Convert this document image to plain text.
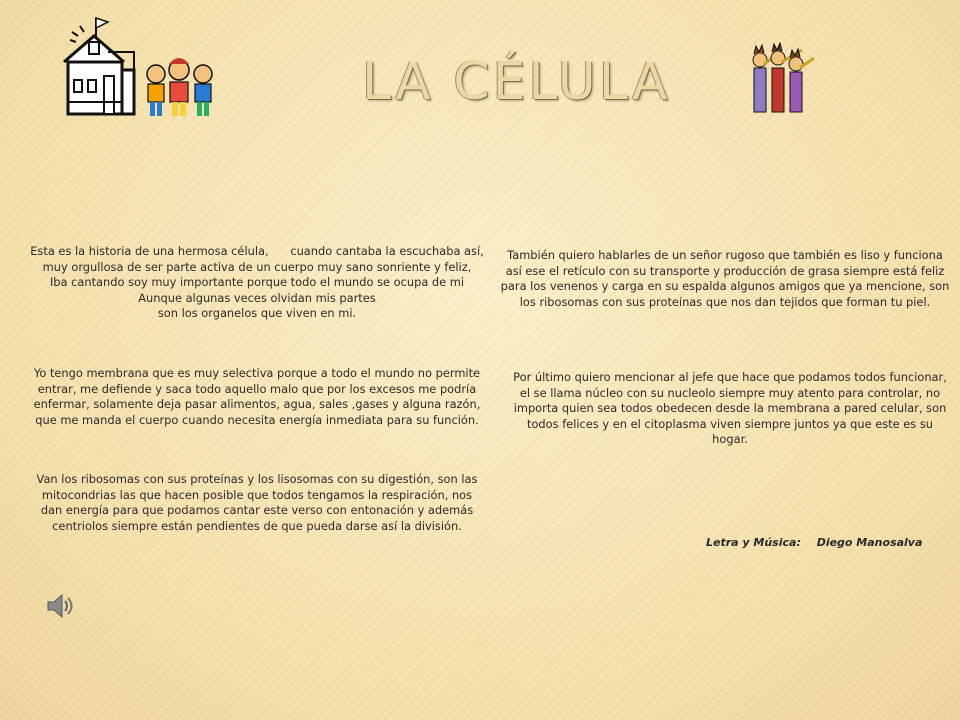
LA CÉLULA

Esta es la historia de una hermosa célula,      cuando cantaba la escuchaba así,

muy orgullosa de ser parte activa de un cuerpo muy sano sonriente y feliz,

Iba cantando soy muy importante porque todo el mundo se ocupa de mi

Aunque algunas veces olvidan mis partes

son los organelos que viven en mi.

Yo tengo membrana que es muy selectiva porque a todo el mundo no permite

entrar, me defiende y saca todo aquello malo que por los excesos me podría

enfermar, solamente deja pasar alimentos, agua, sales ,gases y alguna razón,

que me manda el cuerpo cuando necesita energía inmediata para su función.

Van los ribosomas con sus proteínas y los lisosomas con su digestión, son las

mitocondrias las que hacen posible que todos tengamos la respiración, nos

dan energía para que podamos cantar este verso con entonación y además

centriolos siempre están pendientes de que pueda darse así la división.

También quiero hablarles de un señor rugoso que también es liso y funciona

así ese el retículo con su transporte y producción de grasa siempre está feliz

para los venenos y carga en su espalda algunos amigos que ya mencione, son

los ribosomas con sus proteínas que nos dan tejidos que forman tu piel.

Por último quiero mencionar al jefe que hace que podamos todos funcionar,

el se llama núcleo con su nucleolo siempre muy atento para controlar, no

importa quien sea todos obedecen desde la membrana a pared celular, son

todos felices y en el citoplasma viven siempre juntos ya que este es su

hogar.

Letra y Música: Diego Manosalva
